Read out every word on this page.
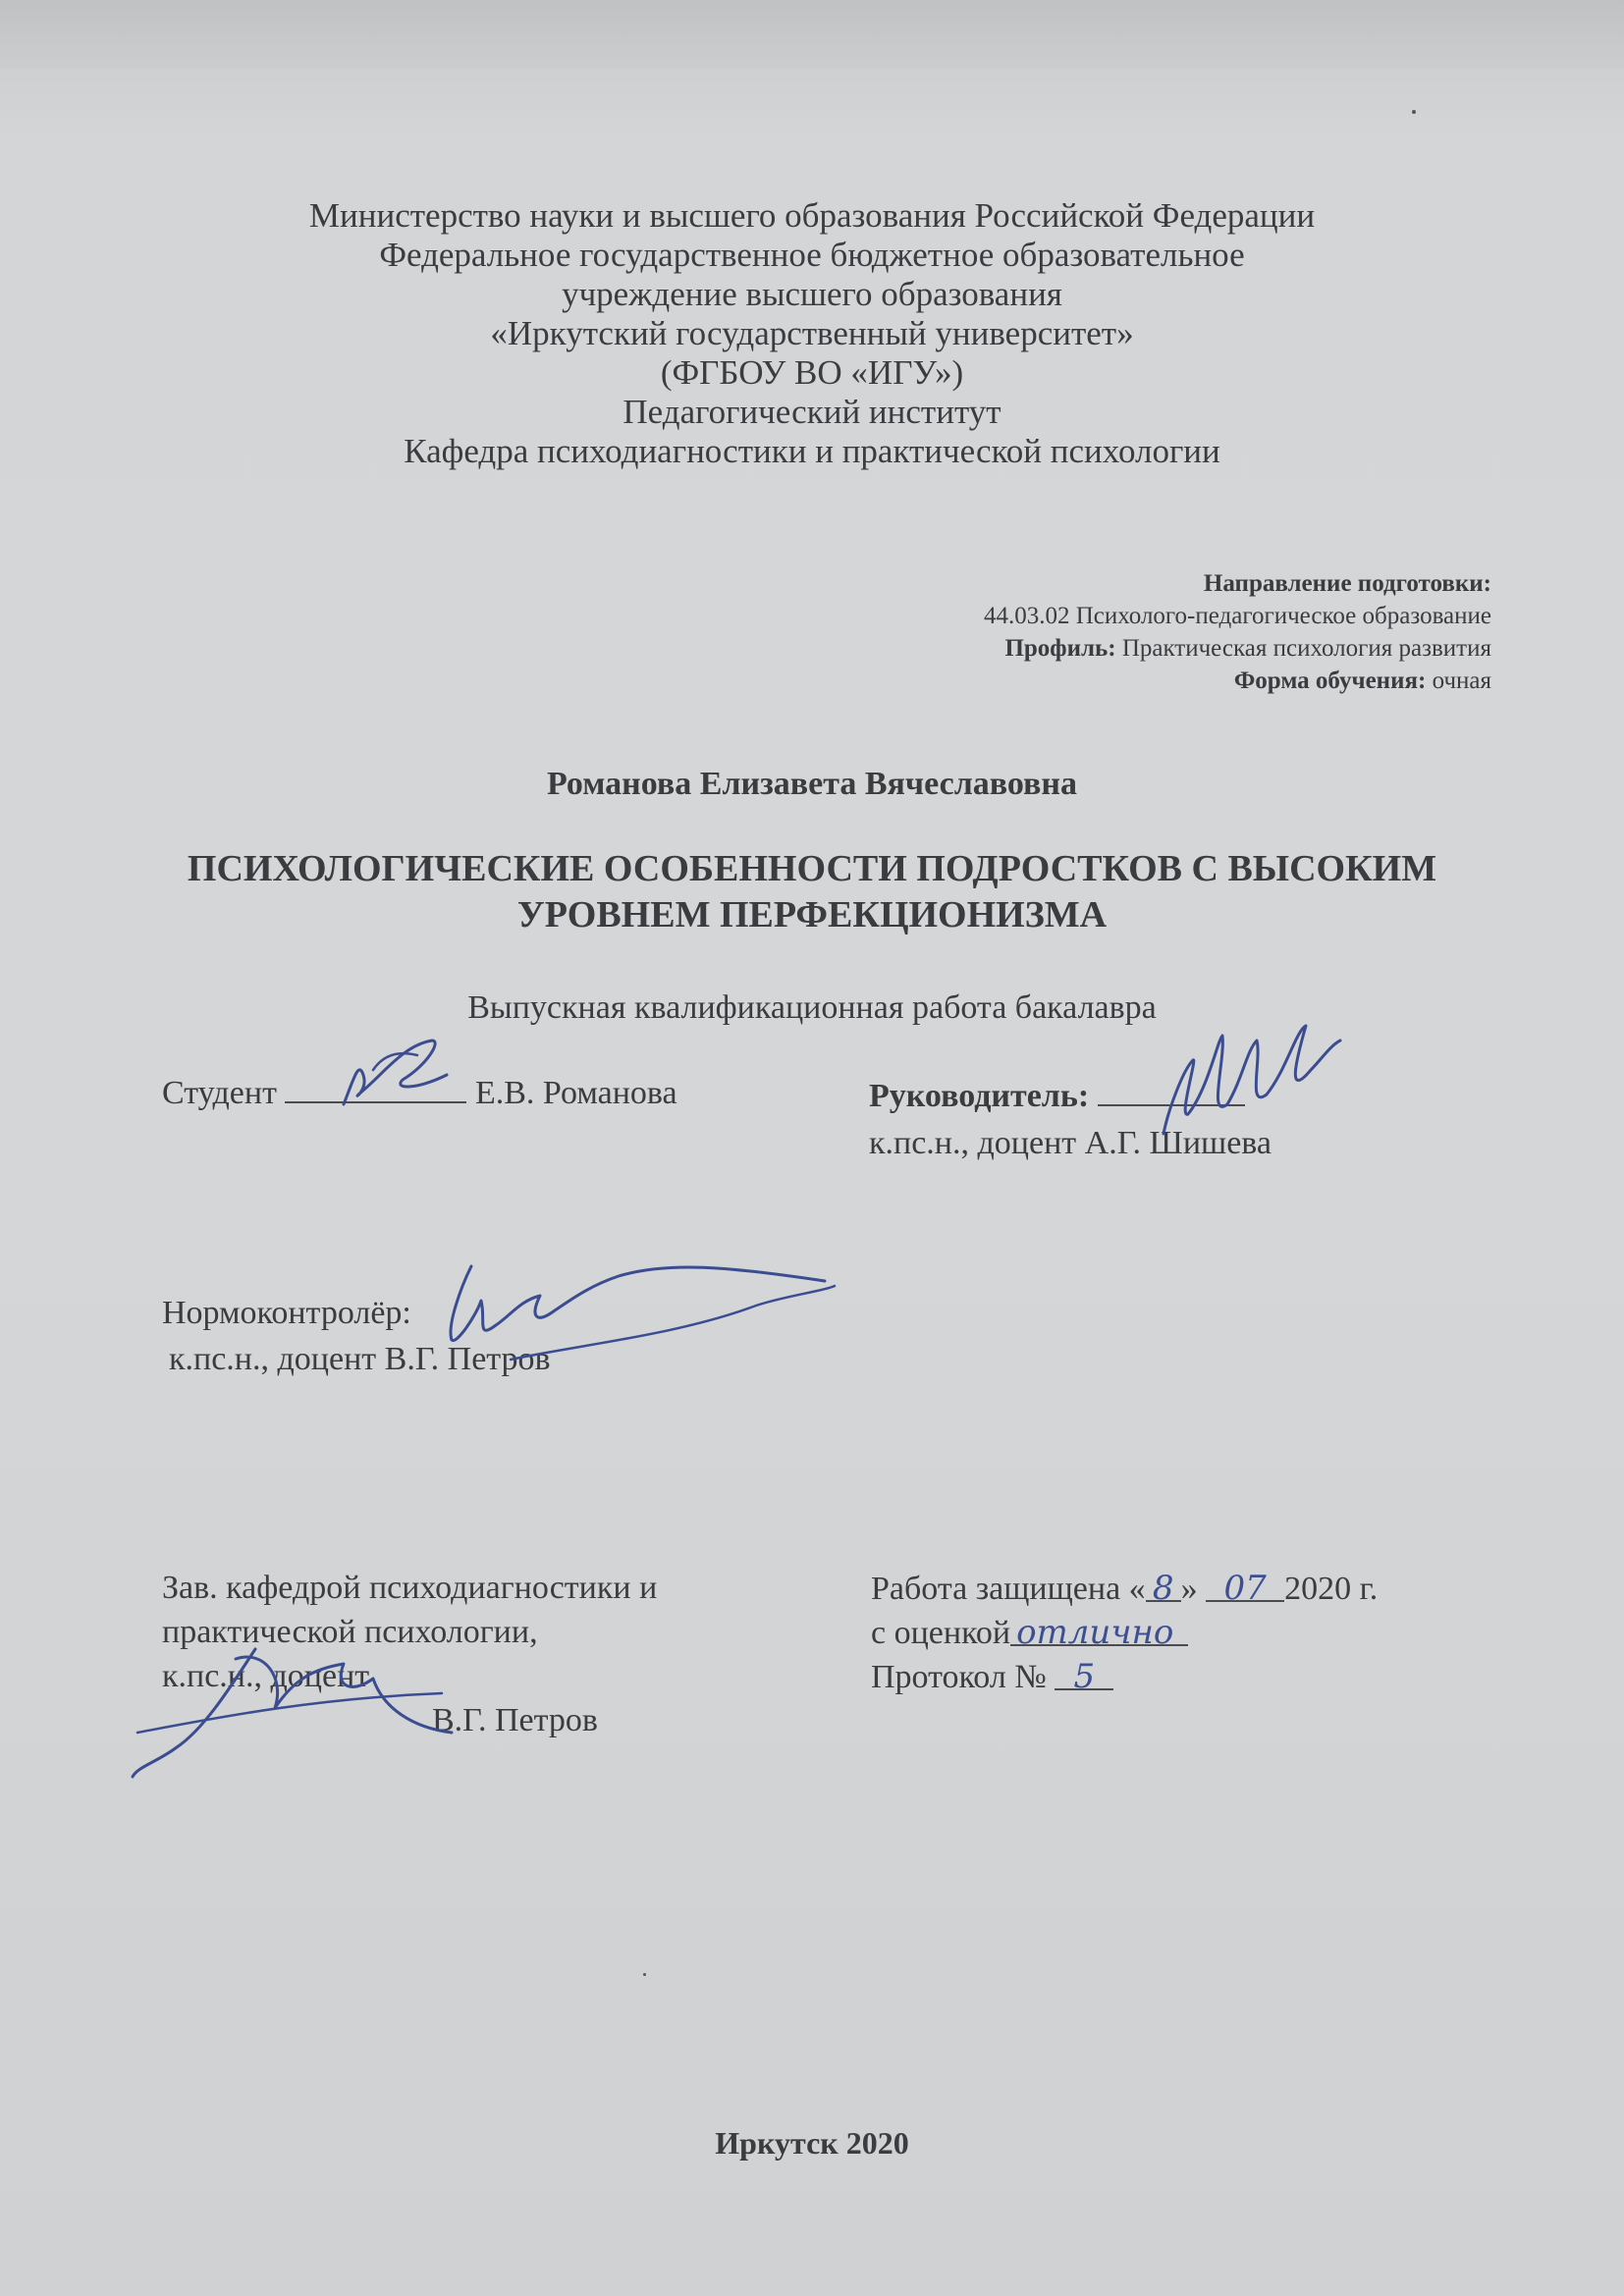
Министерство науки и высшего образования Российской Федерации

Федеральное государственное бюджетное образовательное

учреждение высшего образования

«Иркутский государственный университет»

(ФГБОУ ВО «ИГУ»)

Педагогический институт

Кафедра психодиагностики и практической психологии

Направление подготовки:
44.03.02 Психолого-педагогическое образование
Профиль: Практическая психология развития
Форма обучения: очная
Романова Елизавета Вячеславовна
ПСИХОЛОГИЧЕСКИЕ ОСОБЕННОСТИ ПОДРОСТКОВ С ВЫСОКИМ
УРОВНЕМ ПЕРФЕКЦИОНИЗМА
Выпускная квалификационная работа бакалавра
Студент	Е.В. Романова	Руководитель:
к.пс.н., доцент А.Г. Шишева
Нормоконтролёр:
к.пс.н., доцент В.Г. Петров
Зав. кафедрой психодиагностики и
практической психологии,
к.пс.н., доцент
В.Г. Петров
Работа защищена « 8 » 07 2020 г.
с оценкой отлично
Протокол № 5
Иркутск 2020
